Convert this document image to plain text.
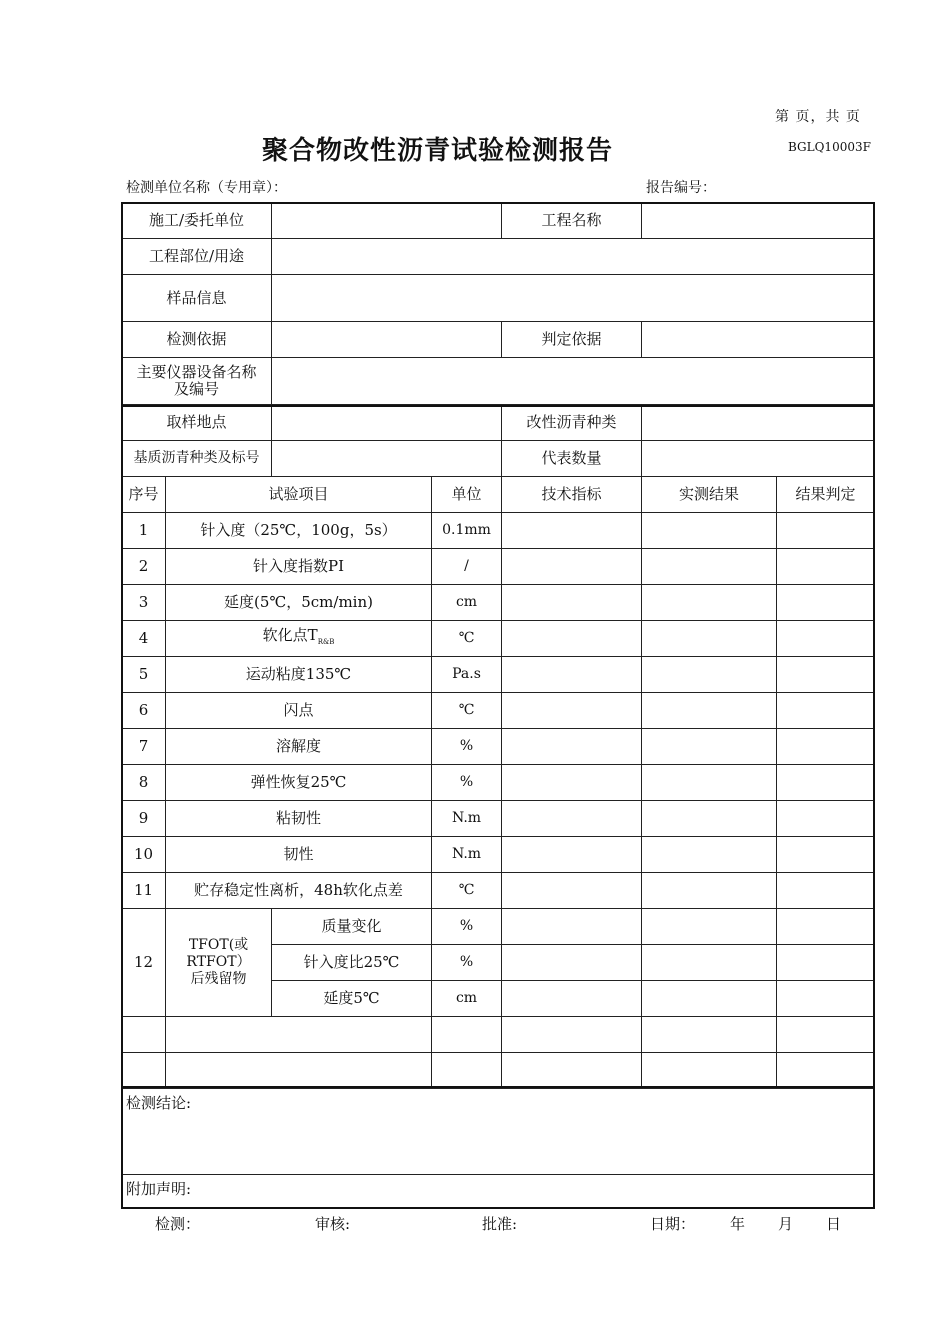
第 页，共 页
聚合物改性沥青试验检测报告	BGLQ10003F
检测单位名称（专用章）：	报告编号：
施工/委托单位				工程名称		
工程部位/用途						
样品信息						
检测依据				判定依据		
主要仪器设备名称
及编号						
取样地点				改性沥青种类		
基质沥青种类及标号				代表数量		
序号	试验项目		单位	技术指标	实测结果	结果判定
1	针入度（25℃，100g，5s）		0.1mm			
2	针入度指数PI		/			
3	延度(5℃，5cm/min)		cm			
4	软化点$T_{R\&B}$		℃			
5	运动粘度135℃		Pa.s			
6	闪点		℃			
7	溶解度		%			
8	弹性恢复25℃		%			
9	粘韧性		N.m			
10	韧性		N.m			
11	贮存稳定性离析，48h软化点差		℃			
12	TFOT(或
RTFOT）
后残留物	质量变化	%			
		针入度比25℃	%			
		延度5℃	cm			

检测结论:						
附加声明:						
检测：	审核:	批准:	日期： 年 月 日
